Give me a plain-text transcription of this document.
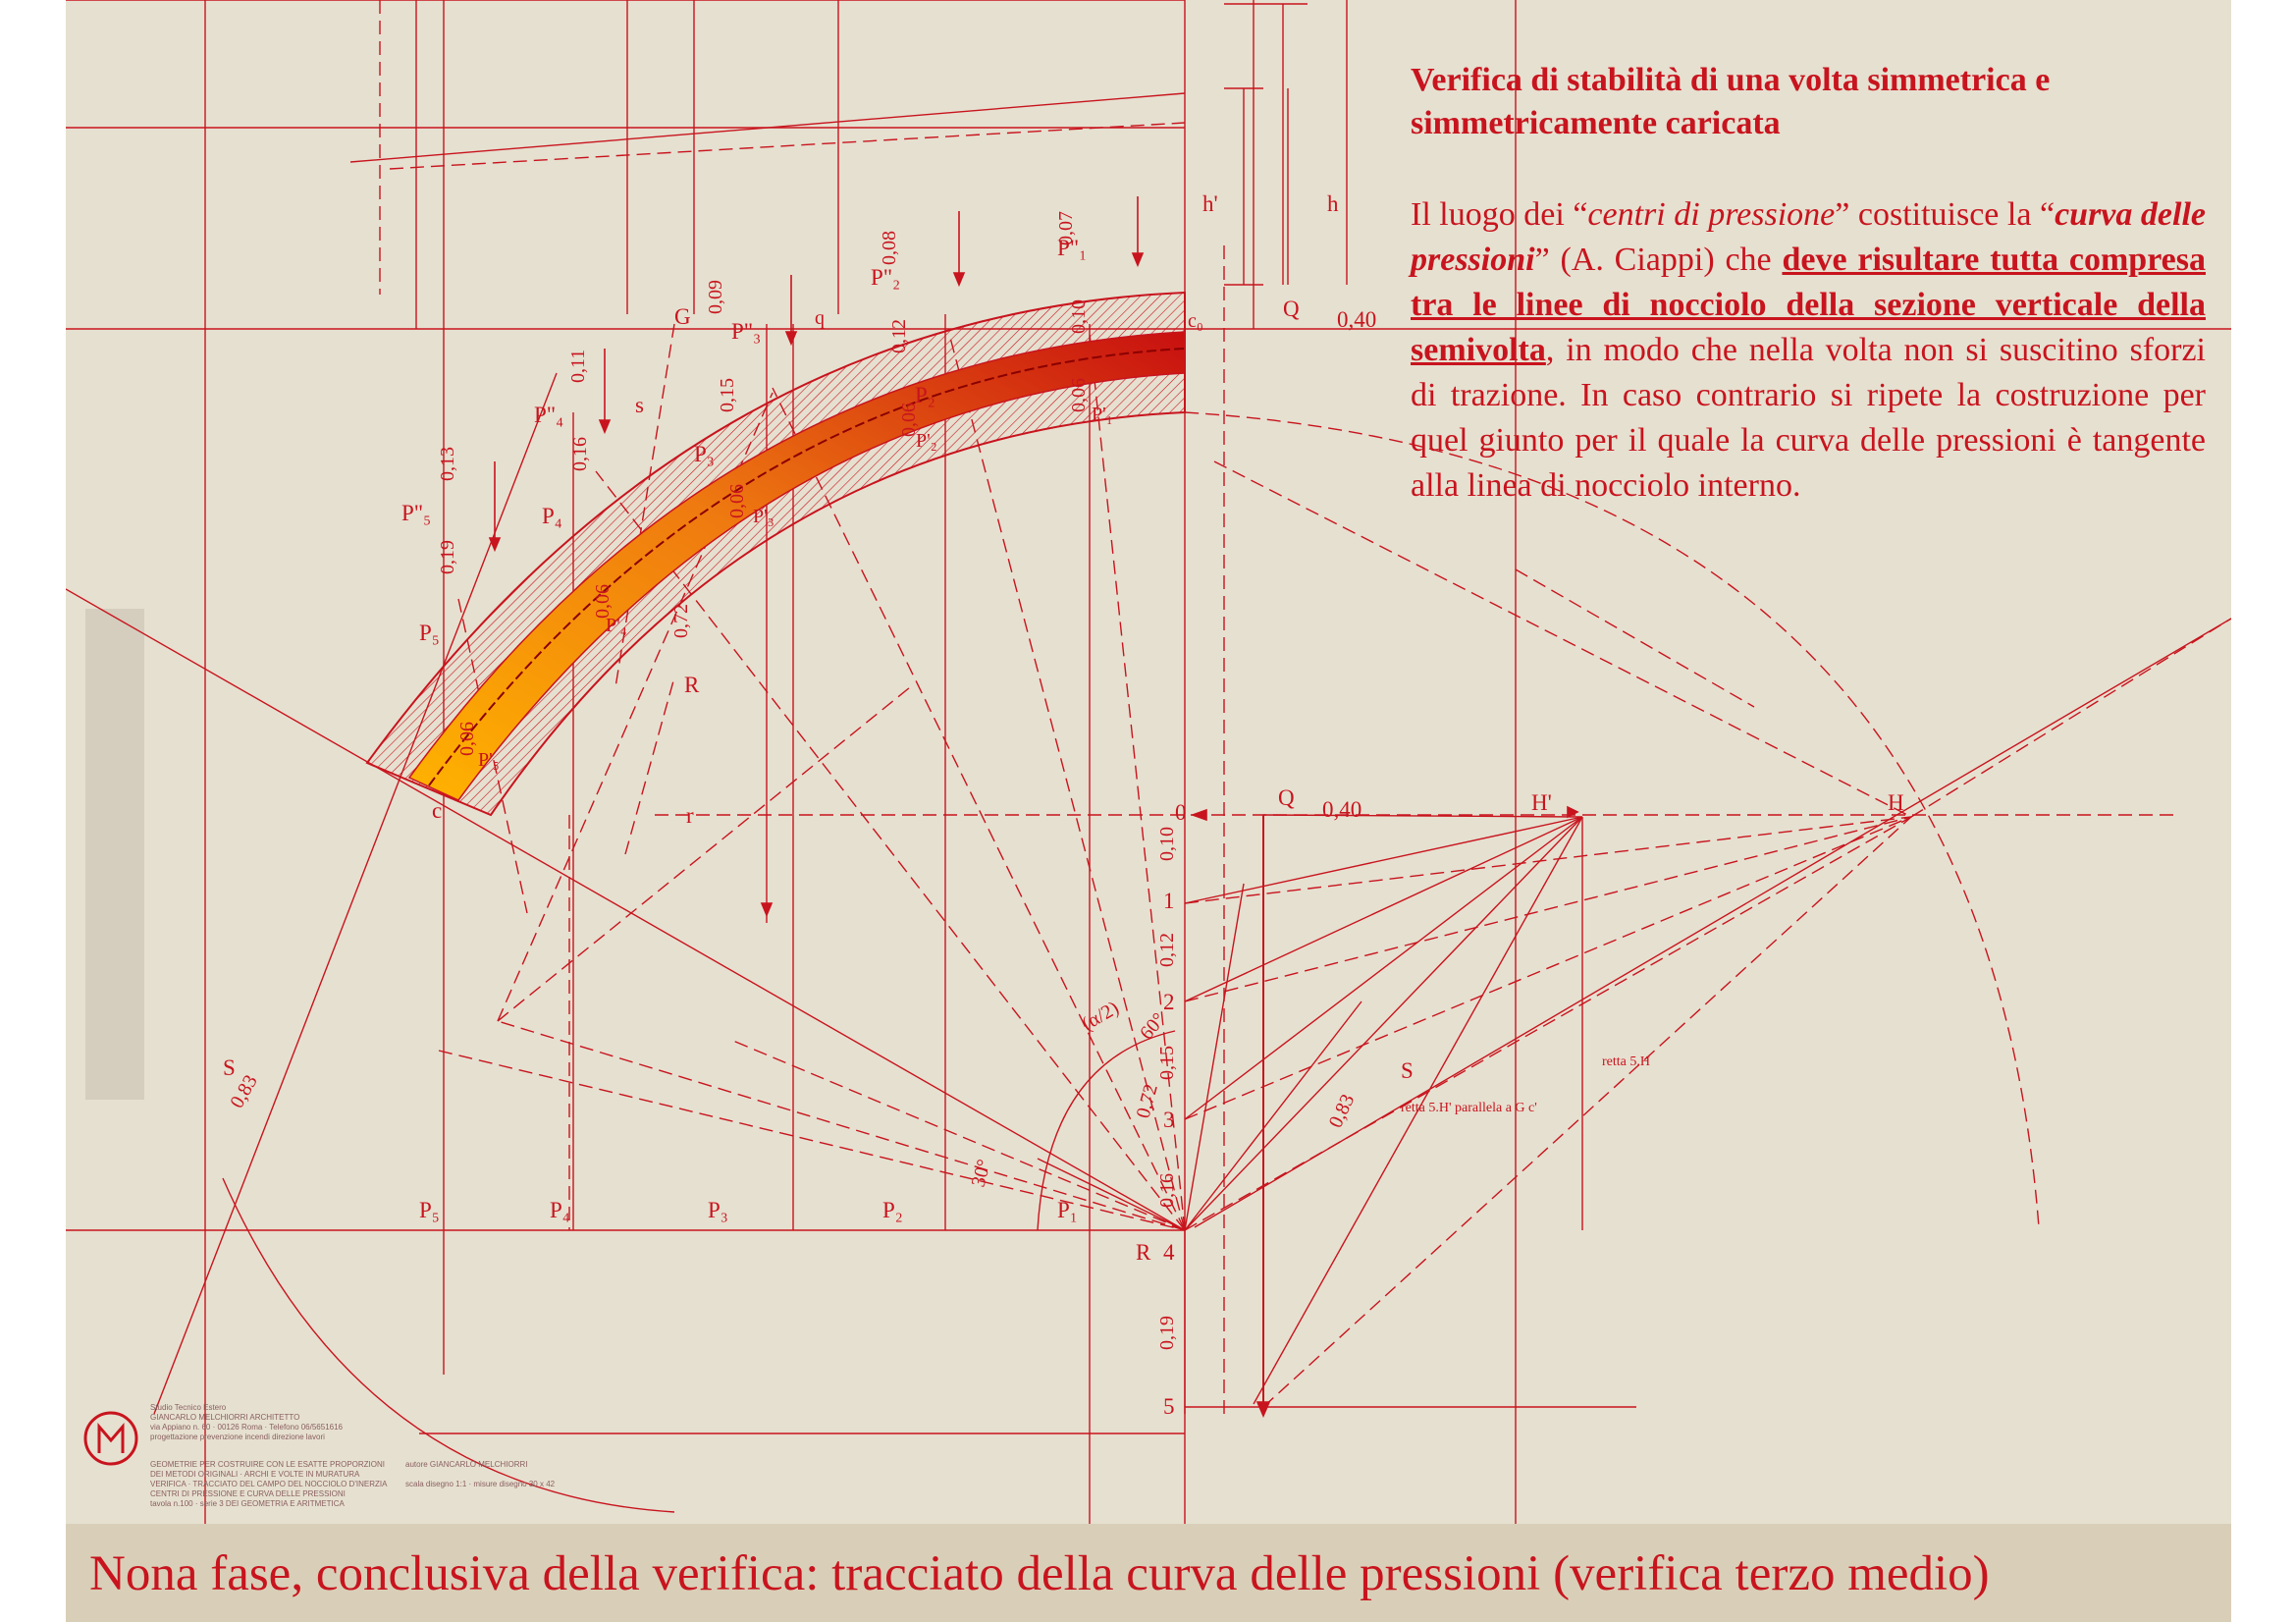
G	q	c₀	Q
h
h'
0,40
P"₃
P"₄
P"₅
P"₁
P"₂
P₃
P₄
P₅
P₂
P'₁
P'₂
P'₃
P'₄
P'₅
s
R
r
c
S
0
Q 0,40	H'	H
1
2
3
4
5
R
S
P₅	P₄	P₃	P₂	P₁
retta 5.H' parallela a G c'
retta 5.H
0,10
0,12
0,15
0,16
0,19
0,72	0,83
0,83
0,07
0,08
0,09
0,11
0,13
0,19
0,16
0,15
0,12
0,10
0,72
0,06
0,06
0,06
0,06
0,06
30°
(α/2) 60°
Verifica di stabilità di una volta simmetrica e simmetricamente caricata

Il luogo dei “centri di pressione” costituisce la “curva delle pressioni” (A. Ciappi) che deve risultare tutta compresa tra le linee di nocciolo della sezione verticale della semivolta, in modo che nella volta non si suscitino sforzi di trazione. In caso contrario si ripete la costruzione per quel giunto per il quale la curva delle pressioni è tangente alla linea di nocciolo interno.

Studio Tecnico Estero
GIANCARLO MELCHIORRI ARCHITETTO
via Appiano n. 60 · 00126 Roma · Telefono 06/5651616
progettazione prevenzione incendi direzione lavori
GEOMETRIE PER COSTRUIRE CON LE ESATTE PROPORZIONI
DEI METODI ORIGINALI · ARCHI E VOLTE IN MURATURA
VERIFICA · TRACCIATO DEL CAMPO DEL NOCCIOLO D'INERZIA
CENTRI DI PRESSIONE E CURVA DELLE PRESSIONI
tavola n.100 · serie 3 DEI GEOMETRIA E ARITMETICA
autore GIANCARLO MELCHIORRI
scala disegno 1:1 · misure disegno 30 x 42
Nona fase, conclusiva della verifica: tracciato della curva delle pressioni (verifica terzo medio)
